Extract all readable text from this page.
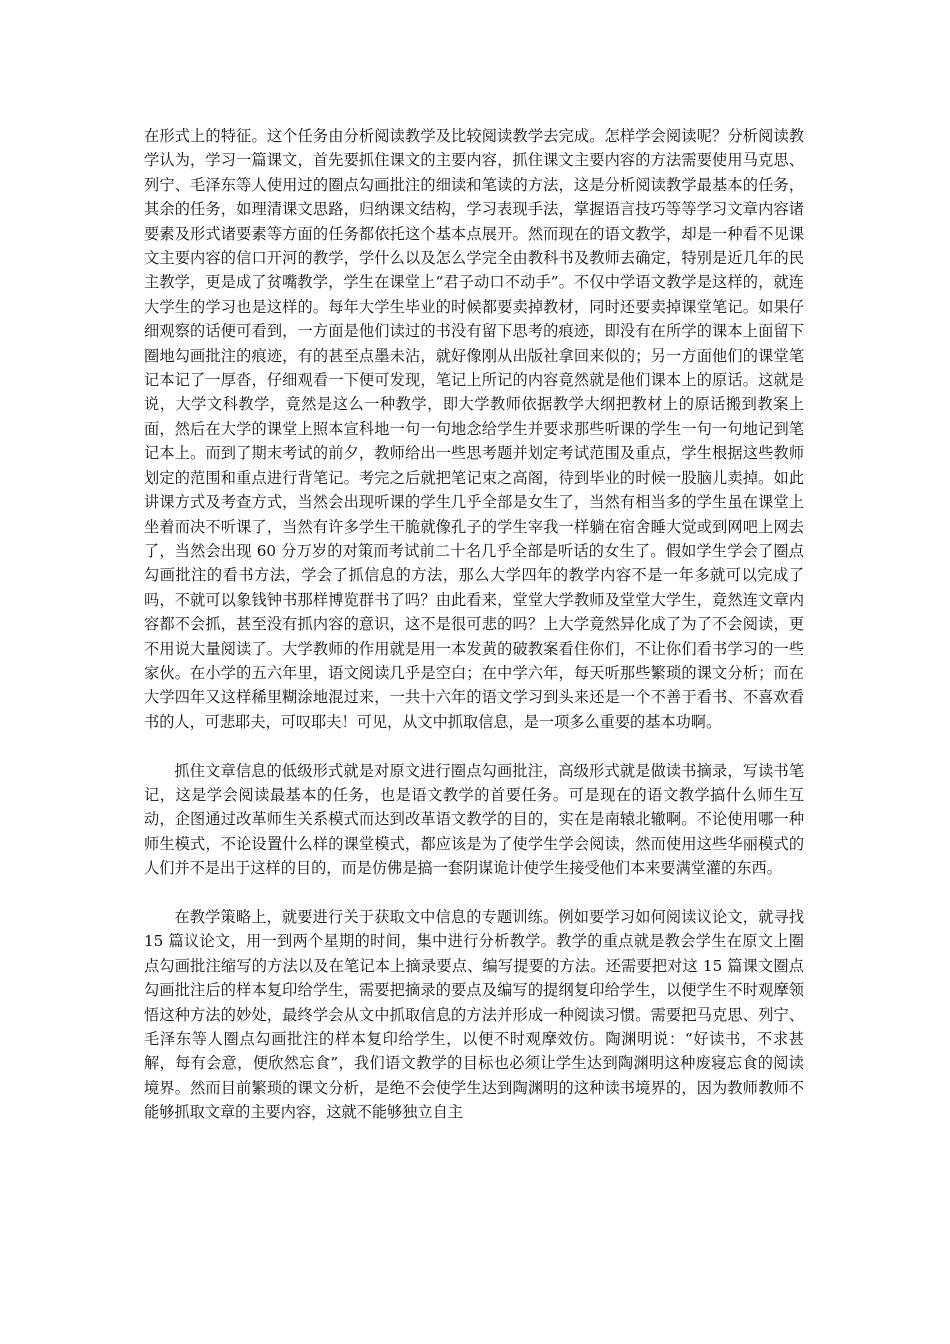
在形式上的特征。这个任务由分析阅读教学及比较阅读教学去完成。怎样学会阅读呢？分析阅读教学认为，学习一篇课文，首先要抓住课文的主要内容，抓住课文主要内容的方法需要使用马克思、列宁、毛泽东等人使用过的圈点勾画批注的细读和笔读的方法，这是分析阅读教学最基本的任务，其余的任务，如理清课文思路，归纳课文结构，学习表现手法，掌握语言技巧等等学习文章内容诸要素及形式诸要素等方面的任务都依托这个基本点展开。然而现在的语文教学，却是一种看不见课文主要内容的信口开河的教学，学什么以及怎么学完全由教科书及教师去确定，特别是近几年的民主教学，更是成了贫嘴教学，学生在课堂上“君子动口不动手”。不仅中学语文教学是这样的，就连大学生的学习也是这样的。每年大学生毕业的时候都要卖掉教材，同时还要卖掉课堂笔记。如果仔细观察的话便可看到，一方面是他们读过的书没有留下思考的痕迹，即没有在所学的课本上面留下圈地勾画批注的痕迹，有的甚至点墨未沾，就好像刚从出版社拿回来似的；另一方面他们的课堂笔记本记了一厚沓，仔细观看一下便可发现，笔记上所记的内容竟然就是他们课本上的原话。这就是说，大学文科教学，竟然是这么一种教学，即大学教师依据教学大纲把教材上的原话搬到教案上面，然后在大学的课堂上照本宣科地一句一句地念给学生并要求那些听课的学生一句一句地记到笔记本上。而到了期末考试的前夕，教师给出一些思考题并划定考试范围及重点，学生根据这些教师划定的范围和重点进行背笔记。考完之后就把笔记束之高阁，待到毕业的时候一股脑儿卖掉。如此讲课方式及考查方式，当然会出现听课的学生几乎全部是女生了，当然有相当多的学生虽在课堂上坐着而决不听课了，当然有许多学生干脆就像孔子的学生宰我一样躺在宿舍睡大觉或到网吧上网去了，当然会出现 60 分万岁的对策而考试前二十名几乎全部是听话的女生了。假如学生学会了圈点勾画批注的看书方法，学会了抓信息的方法，那么大学四年的教学内容不是一年多就可以完成了吗，不就可以象钱钟书那样博览群书了吗？由此看来，堂堂大学教师及堂堂大学生，竟然连文章内容都不会抓，甚至没有抓内容的意识，这不是很可悲的吗？上大学竟然异化成了为了不会阅读，更不用说大量阅读了。大学教师的作用就是用一本发黄的破教案看住你们，不让你们看书学习的一些家伙。在小学的五六年里，语文阅读几乎是空白；在中学六年，每天听那些繁琐的课文分析；而在大学四年又这样稀里糊涂地混过来，一共十六年的语文学习到头来还是一个不善于看书、不喜欢看书的人，可悲耶夫，可叹耶夫！可见，从文中抓取信息，是一项多么重要的基本功啊。

抓住文章信息的低级形式就是对原文进行圈点勾画批注，高级形式就是做读书摘录，写读书笔记，这是学会阅读最基本的任务，也是语文教学的首要任务。可是现在的语文教学搞什么师生互动，企图通过改革师生关系模式而达到改革语文教学的目的，实在是南辕北辙啊。不论使用哪一种师生模式，不论设置什么样的课堂模式，都应该是为了使学生学会阅读，然而使用这些华丽模式的人们并不是出于这样的目的，而是仿佛是搞一套阴谋诡计使学生接受他们本来要满堂灌的东西。

在教学策略上，就要进行关于获取文中信息的专题训练。例如要学习如何阅读议论文，就寻找 15 篇议论文，用一到两个星期的时间，集中进行分析教学。教学的重点就是教会学生在原文上圈点勾画批注缩写的方法以及在笔记本上摘录要点、编写提要的方法。还需要把对这 15 篇课文圈点勾画批注后的样本复印给学生，需要把摘录的要点及编写的提纲复印给学生，以便学生不时观摩领悟这种方法的妙处，最终学会从文中抓取信息的方法并形成一种阅读习惯。需要把马克思、列宁、毛泽东等人圈点勾画批注的样本复印给学生，以便不时观摩效仿。陶渊明说：“好读书，不求甚解，每有会意，便欣然忘食”，我们语文教学的目标也必须让学生达到陶渊明这种废寝忘食的阅读境界。然而目前繁琐的课文分析，是绝不会使学生达到陶渊明的这种读书境界的，因为教师教师不能够抓取文章的主要内容，这就不能够独立自主
